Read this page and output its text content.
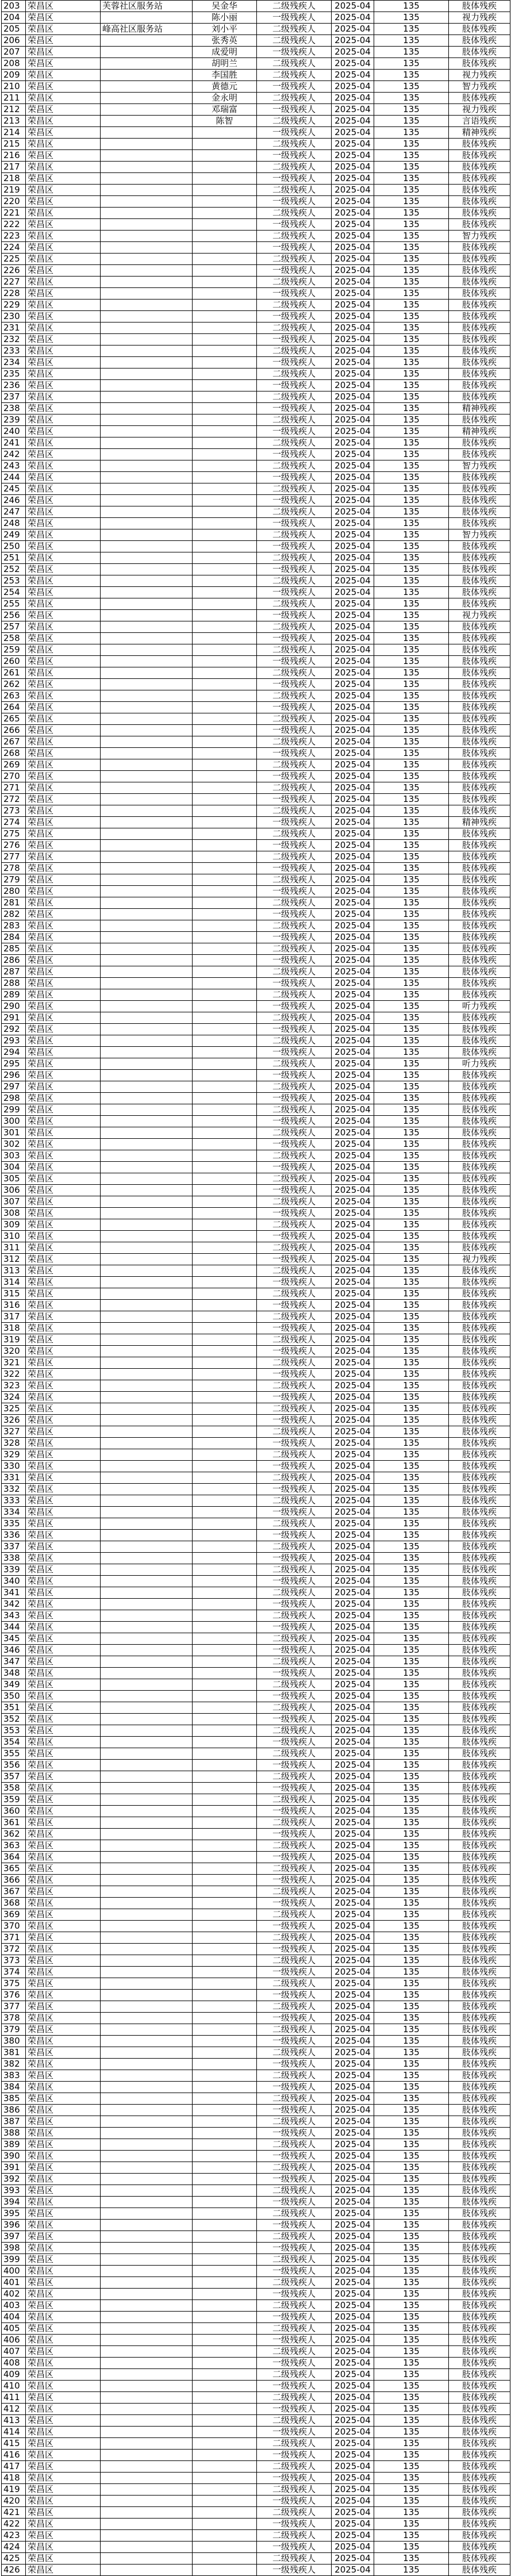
203	荣昌区	芙蓉社区服务站	吴金华	二级残疾人	2025-04	135	肢体残疾
204	荣昌区		陈小丽	一级残疾人	2025-04	135	视力残疾
205	荣昌区	峰高社区服务站	刘小平	二级残疾人	2025-04	135	肢体残疾
206	荣昌区		张秀英	二级残疾人	2025-04	135	肢体残疾
207	荣昌区		成爱明	一级残疾人	2025-04	135	肢体残疾
208	荣昌区		胡明兰	二级残疾人	2025-04	135	肢体残疾
209	荣昌区		李国胜	二级残疾人	2025-04	135	视力残疾
210	荣昌区		黄德元	一级残疾人	2025-04	135	智力残疾
211	荣昌区		金永明	二级残疾人	2025-04	135	肢体残疾
212	荣昌区		邓瑞富	一级残疾人	2025-04	135	视力残疾
213	荣昌区		陈智	二级残疾人	2025-04	135	言语残疾
214	荣昌区			一级残疾人	2025-04	135	精神残疾
215	荣昌区			二级残疾人	2025-04	135	肢体残疾
216	荣昌区			一级残疾人	2025-04	135	肢体残疾
217	荣昌区			二级残疾人	2025-04	135	肢体残疾
218	荣昌区			一级残疾人	2025-04	135	肢体残疾
219	荣昌区			二级残疾人	2025-04	135	肢体残疾
220	荣昌区			一级残疾人	2025-04	135	肢体残疾
221	荣昌区			二级残疾人	2025-04	135	肢体残疾
222	荣昌区			一级残疾人	2025-04	135	肢体残疾
223	荣昌区			二级残疾人	2025-04	135	智力残疾
224	荣昌区			一级残疾人	2025-04	135	肢体残疾
225	荣昌区			二级残疾人	2025-04	135	肢体残疾
226	荣昌区			一级残疾人	2025-04	135	肢体残疾
227	荣昌区			二级残疾人	2025-04	135	肢体残疾
228	荣昌区			一级残疾人	2025-04	135	肢体残疾
229	荣昌区			二级残疾人	2025-04	135	肢体残疾
230	荣昌区			一级残疾人	2025-04	135	肢体残疾
231	荣昌区			二级残疾人	2025-04	135	肢体残疾
232	荣昌区			一级残疾人	2025-04	135	肢体残疾
233	荣昌区			二级残疾人	2025-04	135	肢体残疾
234	荣昌区			一级残疾人	2025-04	135	肢体残疾
235	荣昌区			二级残疾人	2025-04	135	肢体残疾
236	荣昌区			一级残疾人	2025-04	135	肢体残疾
237	荣昌区			二级残疾人	2025-04	135	肢体残疾
238	荣昌区			一级残疾人	2025-04	135	精神残疾
239	荣昌区			二级残疾人	2025-04	135	肢体残疾
240	荣昌区			一级残疾人	2025-04	135	精神残疾
241	荣昌区			二级残疾人	2025-04	135	肢体残疾
242	荣昌区			一级残疾人	2025-04	135	肢体残疾
243	荣昌区			二级残疾人	2025-04	135	智力残疾
244	荣昌区			一级残疾人	2025-04	135	肢体残疾
245	荣昌区			二级残疾人	2025-04	135	肢体残疾
246	荣昌区			一级残疾人	2025-04	135	肢体残疾
247	荣昌区			二级残疾人	2025-04	135	肢体残疾
248	荣昌区			一级残疾人	2025-04	135	肢体残疾
249	荣昌区			二级残疾人	2025-04	135	智力残疾
250	荣昌区			一级残疾人	2025-04	135	肢体残疾
251	荣昌区			二级残疾人	2025-04	135	肢体残疾
252	荣昌区			一级残疾人	2025-04	135	肢体残疾
253	荣昌区			二级残疾人	2025-04	135	肢体残疾
254	荣昌区			一级残疾人	2025-04	135	肢体残疾
255	荣昌区			二级残疾人	2025-04	135	肢体残疾
256	荣昌区			一级残疾人	2025-04	135	视力残疾
257	荣昌区			二级残疾人	2025-04	135	肢体残疾
258	荣昌区			一级残疾人	2025-04	135	肢体残疾
259	荣昌区			二级残疾人	2025-04	135	肢体残疾
260	荣昌区			一级残疾人	2025-04	135	肢体残疾
261	荣昌区			二级残疾人	2025-04	135	肢体残疾
262	荣昌区			一级残疾人	2025-04	135	肢体残疾
263	荣昌区			二级残疾人	2025-04	135	肢体残疾
264	荣昌区			一级残疾人	2025-04	135	肢体残疾
265	荣昌区			二级残疾人	2025-04	135	肢体残疾
266	荣昌区			一级残疾人	2025-04	135	肢体残疾
267	荣昌区			二级残疾人	2025-04	135	肢体残疾
268	荣昌区			一级残疾人	2025-04	135	肢体残疾
269	荣昌区			二级残疾人	2025-04	135	肢体残疾
270	荣昌区			一级残疾人	2025-04	135	肢体残疾
271	荣昌区			二级残疾人	2025-04	135	肢体残疾
272	荣昌区			一级残疾人	2025-04	135	肢体残疾
273	荣昌区			二级残疾人	2025-04	135	肢体残疾
274	荣昌区			一级残疾人	2025-04	135	精神残疾
275	荣昌区			二级残疾人	2025-04	135	肢体残疾
276	荣昌区			一级残疾人	2025-04	135	肢体残疾
277	荣昌区			二级残疾人	2025-04	135	肢体残疾
278	荣昌区			一级残疾人	2025-04	135	肢体残疾
279	荣昌区			二级残疾人	2025-04	135	肢体残疾
280	荣昌区			一级残疾人	2025-04	135	肢体残疾
281	荣昌区			二级残疾人	2025-04	135	肢体残疾
282	荣昌区			一级残疾人	2025-04	135	肢体残疾
283	荣昌区			二级残疾人	2025-04	135	肢体残疾
284	荣昌区			一级残疾人	2025-04	135	肢体残疾
285	荣昌区			二级残疾人	2025-04	135	肢体残疾
286	荣昌区			一级残疾人	2025-04	135	肢体残疾
287	荣昌区			二级残疾人	2025-04	135	肢体残疾
288	荣昌区			一级残疾人	2025-04	135	肢体残疾
289	荣昌区			二级残疾人	2025-04	135	肢体残疾
290	荣昌区			一级残疾人	2025-04	135	听力残疾
291	荣昌区			二级残疾人	2025-04	135	肢体残疾
292	荣昌区			一级残疾人	2025-04	135	肢体残疾
293	荣昌区			二级残疾人	2025-04	135	肢体残疾
294	荣昌区			一级残疾人	2025-04	135	肢体残疾
295	荣昌区			二级残疾人	2025-04	135	听力残疾
296	荣昌区			一级残疾人	2025-04	135	肢体残疾
297	荣昌区			二级残疾人	2025-04	135	肢体残疾
298	荣昌区			一级残疾人	2025-04	135	肢体残疾
299	荣昌区			二级残疾人	2025-04	135	肢体残疾
300	荣昌区			一级残疾人	2025-04	135	肢体残疾
301	荣昌区			二级残疾人	2025-04	135	肢体残疾
302	荣昌区			一级残疾人	2025-04	135	肢体残疾
303	荣昌区			二级残疾人	2025-04	135	肢体残疾
304	荣昌区			一级残疾人	2025-04	135	肢体残疾
305	荣昌区			二级残疾人	2025-04	135	肢体残疾
306	荣昌区			一级残疾人	2025-04	135	肢体残疾
307	荣昌区			二级残疾人	2025-04	135	肢体残疾
308	荣昌区			一级残疾人	2025-04	135	肢体残疾
309	荣昌区			二级残疾人	2025-04	135	肢体残疾
310	荣昌区			一级残疾人	2025-04	135	肢体残疾
311	荣昌区			二级残疾人	2025-04	135	肢体残疾
312	荣昌区			一级残疾人	2025-04	135	视力残疾
313	荣昌区			二级残疾人	2025-04	135	肢体残疾
314	荣昌区			一级残疾人	2025-04	135	肢体残疾
315	荣昌区			二级残疾人	2025-04	135	肢体残疾
316	荣昌区			一级残疾人	2025-04	135	肢体残疾
317	荣昌区			二级残疾人	2025-04	135	肢体残疾
318	荣昌区			一级残疾人	2025-04	135	肢体残疾
319	荣昌区			二级残疾人	2025-04	135	肢体残疾
320	荣昌区			一级残疾人	2025-04	135	肢体残疾
321	荣昌区			二级残疾人	2025-04	135	肢体残疾
322	荣昌区			一级残疾人	2025-04	135	肢体残疾
323	荣昌区			二级残疾人	2025-04	135	肢体残疾
324	荣昌区			一级残疾人	2025-04	135	肢体残疾
325	荣昌区			二级残疾人	2025-04	135	肢体残疾
326	荣昌区			一级残疾人	2025-04	135	肢体残疾
327	荣昌区			二级残疾人	2025-04	135	肢体残疾
328	荣昌区			一级残疾人	2025-04	135	肢体残疾
329	荣昌区			二级残疾人	2025-04	135	肢体残疾
330	荣昌区			一级残疾人	2025-04	135	肢体残疾
331	荣昌区			二级残疾人	2025-04	135	肢体残疾
332	荣昌区			一级残疾人	2025-04	135	肢体残疾
333	荣昌区			二级残疾人	2025-04	135	肢体残疾
334	荣昌区			一级残疾人	2025-04	135	肢体残疾
335	荣昌区			二级残疾人	2025-04	135	肢体残疾
336	荣昌区			一级残疾人	2025-04	135	肢体残疾
337	荣昌区			二级残疾人	2025-04	135	肢体残疾
338	荣昌区			一级残疾人	2025-04	135	肢体残疾
339	荣昌区			二级残疾人	2025-04	135	肢体残疾
340	荣昌区			一级残疾人	2025-04	135	肢体残疾
341	荣昌区			二级残疾人	2025-04	135	肢体残疾
342	荣昌区			一级残疾人	2025-04	135	肢体残疾
343	荣昌区			二级残疾人	2025-04	135	肢体残疾
344	荣昌区			一级残疾人	2025-04	135	肢体残疾
345	荣昌区			二级残疾人	2025-04	135	肢体残疾
346	荣昌区			一级残疾人	2025-04	135	肢体残疾
347	荣昌区			二级残疾人	2025-04	135	肢体残疾
348	荣昌区			一级残疾人	2025-04	135	肢体残疾
349	荣昌区			二级残疾人	2025-04	135	肢体残疾
350	荣昌区			一级残疾人	2025-04	135	肢体残疾
351	荣昌区			二级残疾人	2025-04	135	肢体残疾
352	荣昌区			一级残疾人	2025-04	135	肢体残疾
353	荣昌区			二级残疾人	2025-04	135	肢体残疾
354	荣昌区			一级残疾人	2025-04	135	肢体残疾
355	荣昌区			二级残疾人	2025-04	135	肢体残疾
356	荣昌区			一级残疾人	2025-04	135	肢体残疾
357	荣昌区			二级残疾人	2025-04	135	肢体残疾
358	荣昌区			一级残疾人	2025-04	135	肢体残疾
359	荣昌区			二级残疾人	2025-04	135	肢体残疾
360	荣昌区			一级残疾人	2025-04	135	肢体残疾
361	荣昌区			二级残疾人	2025-04	135	肢体残疾
362	荣昌区			一级残疾人	2025-04	135	肢体残疾
363	荣昌区			二级残疾人	2025-04	135	肢体残疾
364	荣昌区			一级残疾人	2025-04	135	肢体残疾
365	荣昌区			二级残疾人	2025-04	135	肢体残疾
366	荣昌区			一级残疾人	2025-04	135	肢体残疾
367	荣昌区			二级残疾人	2025-04	135	肢体残疾
368	荣昌区			一级残疾人	2025-04	135	肢体残疾
369	荣昌区			二级残疾人	2025-04	135	肢体残疾
370	荣昌区			一级残疾人	2025-04	135	肢体残疾
371	荣昌区			二级残疾人	2025-04	135	肢体残疾
372	荣昌区			一级残疾人	2025-04	135	肢体残疾
373	荣昌区			二级残疾人	2025-04	135	肢体残疾
374	荣昌区			一级残疾人	2025-04	135	肢体残疾
375	荣昌区			二级残疾人	2025-04	135	肢体残疾
376	荣昌区			一级残疾人	2025-04	135	肢体残疾
377	荣昌区			二级残疾人	2025-04	135	肢体残疾
378	荣昌区			一级残疾人	2025-04	135	肢体残疾
379	荣昌区			二级残疾人	2025-04	135	肢体残疾
380	荣昌区			一级残疾人	2025-04	135	肢体残疾
381	荣昌区			二级残疾人	2025-04	135	肢体残疾
382	荣昌区			一级残疾人	2025-04	135	肢体残疾
383	荣昌区			二级残疾人	2025-04	135	肢体残疾
384	荣昌区			一级残疾人	2025-04	135	肢体残疾
385	荣昌区			二级残疾人	2025-04	135	肢体残疾
386	荣昌区			一级残疾人	2025-04	135	肢体残疾
387	荣昌区			二级残疾人	2025-04	135	肢体残疾
388	荣昌区			一级残疾人	2025-04	135	肢体残疾
389	荣昌区			二级残疾人	2025-04	135	肢体残疾
390	荣昌区			一级残疾人	2025-04	135	肢体残疾
391	荣昌区			二级残疾人	2025-04	135	肢体残疾
392	荣昌区			一级残疾人	2025-04	135	肢体残疾
393	荣昌区			二级残疾人	2025-04	135	肢体残疾
394	荣昌区			一级残疾人	2025-04	135	肢体残疾
395	荣昌区			二级残疾人	2025-04	135	肢体残疾
396	荣昌区			一级残疾人	2025-04	135	肢体残疾
397	荣昌区			二级残疾人	2025-04	135	肢体残疾
398	荣昌区			一级残疾人	2025-04	135	肢体残疾
399	荣昌区			二级残疾人	2025-04	135	肢体残疾
400	荣昌区			一级残疾人	2025-04	135	肢体残疾
401	荣昌区			二级残疾人	2025-04	135	肢体残疾
402	荣昌区			一级残疾人	2025-04	135	肢体残疾
403	荣昌区			二级残疾人	2025-04	135	肢体残疾
404	荣昌区			一级残疾人	2025-04	135	肢体残疾
405	荣昌区			二级残疾人	2025-04	135	肢体残疾
406	荣昌区			一级残疾人	2025-04	135	肢体残疾
407	荣昌区			二级残疾人	2025-04	135	肢体残疾
408	荣昌区			一级残疾人	2025-04	135	肢体残疾
409	荣昌区			二级残疾人	2025-04	135	肢体残疾
410	荣昌区			一级残疾人	2025-04	135	肢体残疾
411	荣昌区			二级残疾人	2025-04	135	肢体残疾
412	荣昌区			一级残疾人	2025-04	135	肢体残疾
413	荣昌区			二级残疾人	2025-04	135	肢体残疾
414	荣昌区			一级残疾人	2025-04	135	肢体残疾
415	荣昌区			二级残疾人	2025-04	135	肢体残疾
416	荣昌区			一级残疾人	2025-04	135	肢体残疾
417	荣昌区			二级残疾人	2025-04	135	肢体残疾
418	荣昌区			一级残疾人	2025-04	135	肢体残疾
419	荣昌区			二级残疾人	2025-04	135	肢体残疾
420	荣昌区			一级残疾人	2025-04	135	肢体残疾
421	荣昌区			二级残疾人	2025-04	135	肢体残疾
422	荣昌区			一级残疾人	2025-04	135	肢体残疾
423	荣昌区			二级残疾人	2025-04	135	肢体残疾
424	荣昌区			一级残疾人	2025-04	135	肢体残疾
425	荣昌区			二级残疾人	2025-04	135	肢体残疾
426	荣昌区			一级残疾人	2025-04	135	肢体残疾
